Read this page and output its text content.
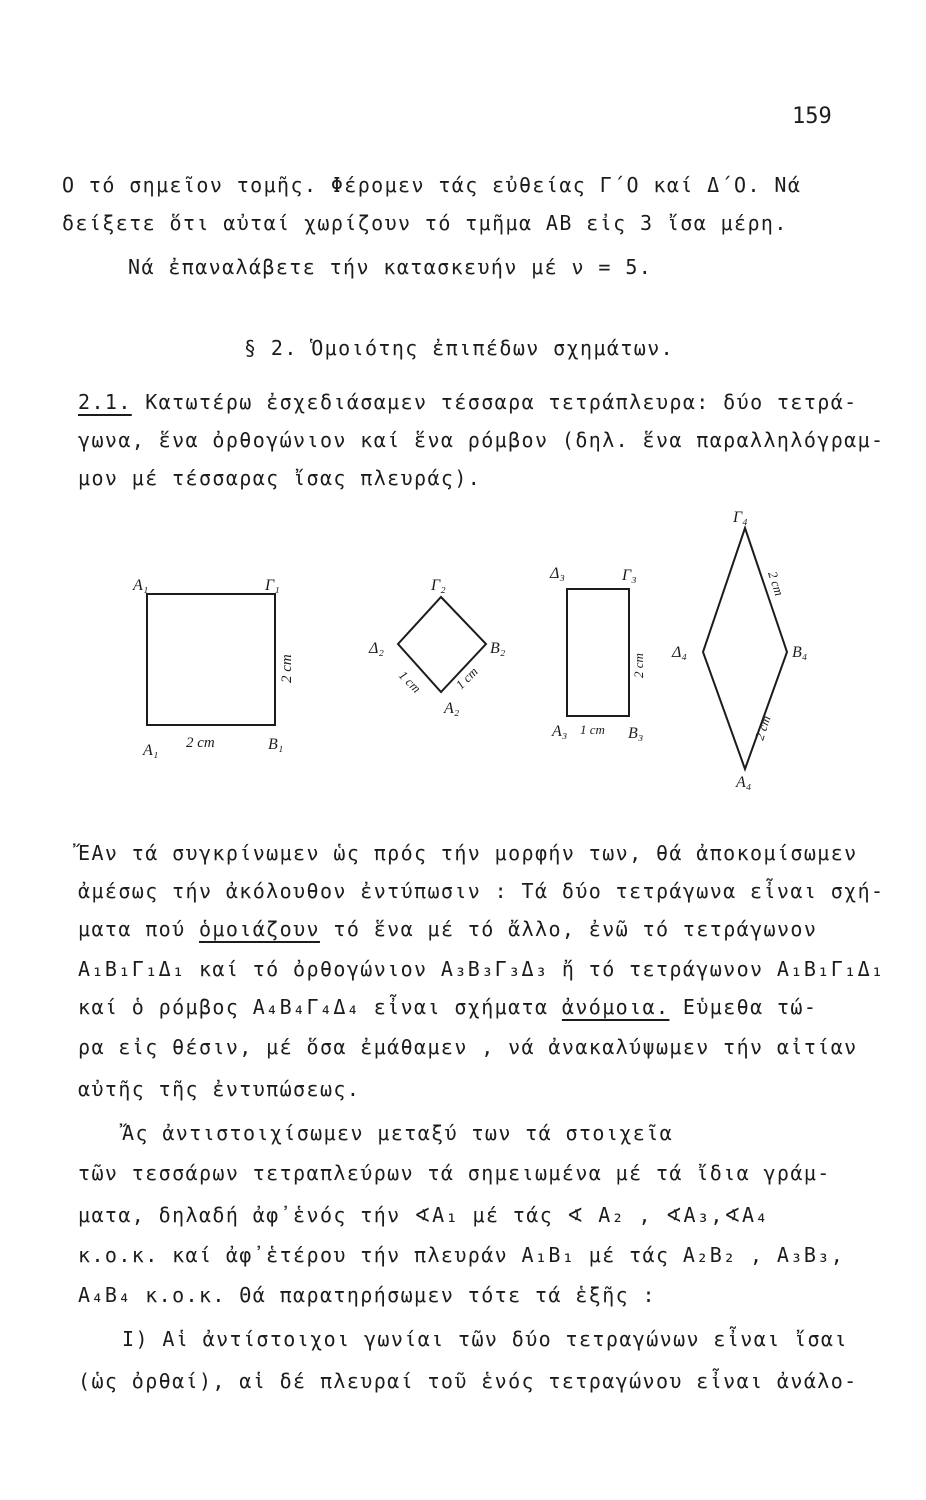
159
Ο τό σημεῖον τομῆς. Φέρομεν τάς εὐθείας Γ΄Ο καί Δ΄Ο. Νά
δείξετε ὅτι αὐταί χωρίζουν τό τμῆμα ΑΒ εἰς 3 ἴσα μέρη.
Νά ἐπαναλάβετε τήν κατασκευήν μέ ν = 5.
§ 2. Ὁμοιότης ἐπιπέδων σχημάτων.
2.1. Κατωτέρω ἐσχεδιάσαμεν τέσσαρα τετράπλευρα: δύο τετρά-
γωνα, ἕνα ὀρθογώνιον καί ἕνα ρόμβον (δηλ. ἕνα παραλληλόγραμ-
μον μέ τέσσαρας ἴσας πλευράς).
Α₁	Γ₁
Β₁
Α₁
2 cm
2 cm
Γ₂
Δ₂	Β₂
Α₂
1 cm 1 cm
Δ₃	Γ₃
Α₃	Β₃
2 cm
1 cm
Γ₄
Δ₄	Β₄
Α₄
2 cm
2 cm
ἜΑν τά συγκρίνωμεν ὡς πρός τήν μορφήν των, θά ἀποκομίσωμεν
ἀμέσως τήν ἀκόλουθον ἐντύπωσιν : Τά δύο τετράγωνα εἶναι σχή-
ματα πού ὁμοιάζουν τό ἕνα μέ τό ἄλλο, ἐνῶ τό τετράγωνον
Α₁Β₁Γ₁Δ₁ καί τό ὀρθογώνιον Α₃Β₃Γ₃Δ₃ ἤ τό τετράγωνον Α₁Β₁Γ₁Δ₁
καί ὁ ρόμβος Α₄Β₄Γ₄Δ₄ εἶναι σχήματα ἀνόμοια. Εὑμεθα τώ-
ρα εἰς θέσιν, μέ ὅσα ἐμάθαμεν , νά ἀνακαλύψωμεν τήν αἰτίαν
αὐτῆς τῆς ἐντυπώσεως.
Ἄς ἀντιστοιχίσωμεν μεταξύ των τά στοιχεῖα
τῶν τεσσάρων τετραπλεύρων τά σημειωμένα μέ τά ἴδια γράμ-
ματα, δηλαδή ἀφ᾽ἑνός τήν ∢Α₁ μέ τάς ∢ Α₂ , ∢Α₃,∢Α₄
κ.ο.κ. καί ἀφ᾽ἑτέρου τήν πλευράν Α₁Β₁ μέ τάς Α₂Β₂ , Α₃Β₃,
Α₄Β₄ κ.ο.κ. Θά παρατηρήσωμεν τότε τά ἑξῆς :
Ι) Αἱ ἀντίστοιχοι γωνίαι τῶν δύο τετραγώνων εἶναι ἴσαι
(ὡς ὀρθαί), αἱ δέ πλευραί τοῦ ἑνός τετραγώνου εἶναι ἀνάλο-
